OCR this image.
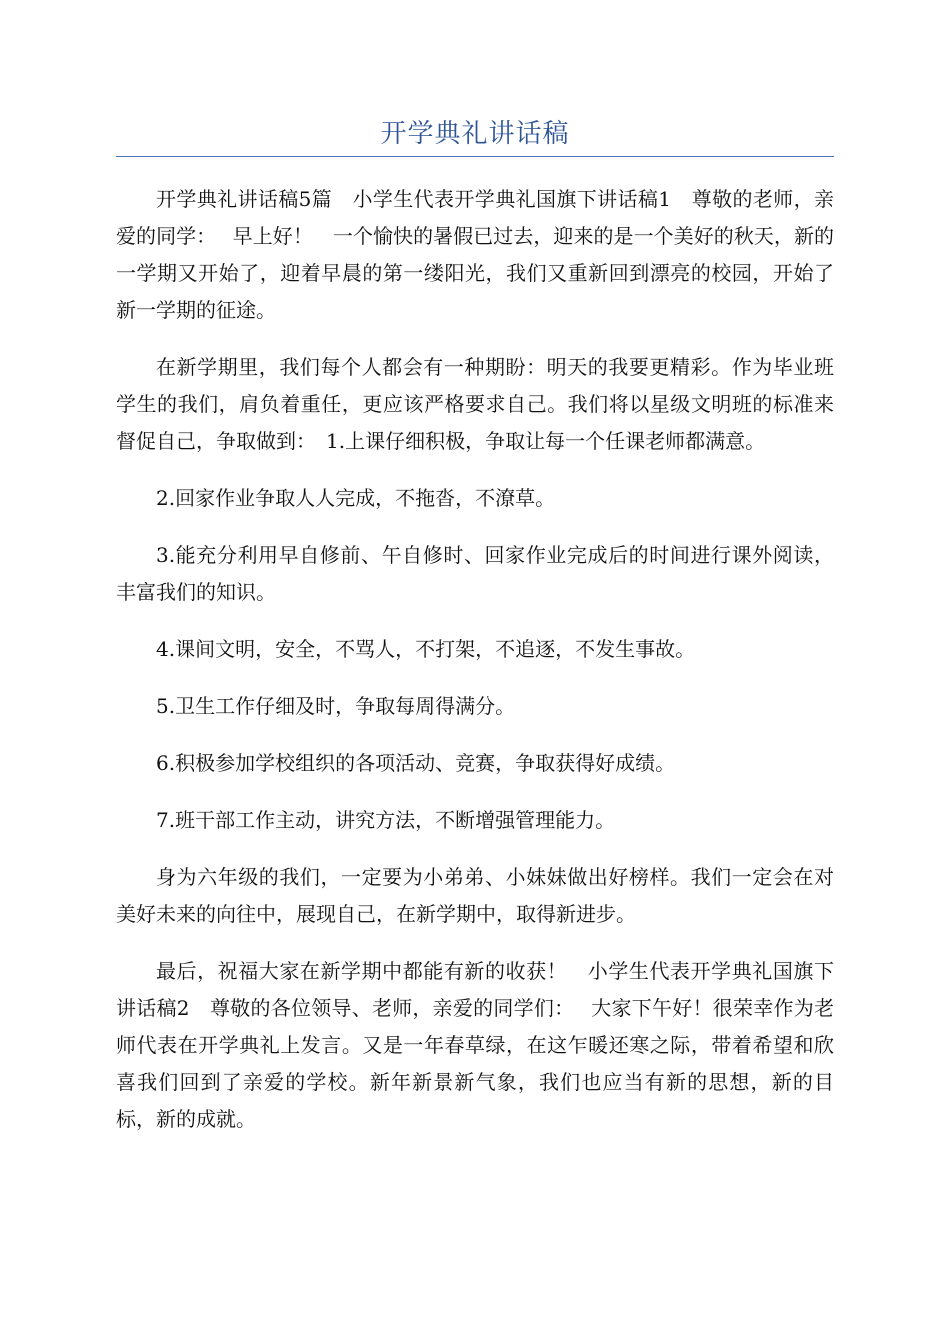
开学典礼讲话稿

开学典礼讲话稿5篇　小学生代表开学典礼国旗下讲话稿1　尊敬的老师，亲爱的同学：　 早上好！　一个愉快的暑假已过去，迎来的是一个美好的秋天，新的一学期又开始了，迎着早晨的第一缕阳光，我们又重新回到漂亮的校园，开始了新一学期的征途。

在新学期里，我们每个人都会有一种期盼：明天的我要更精彩。作为毕业班学生的我们，肩负着重任，更应该严格要求自己。我们将以星级文明班的标准来督促自己，争取做到：　1.上课仔细积极，争取让每一个任课老师都满意。

2.回家作业争取人人完成，不拖沓，不潦草。

3.能充分利用早自修前、午自修时、回家作业完成后的时间进行课外阅读，丰富我们的知识。

4.课间文明，安全，不骂人，不打架，不追逐，不发生事故。

5.卫生工作仔细及时，争取每周得满分。

6.积极参加学校组织的各项活动、竞赛，争取获得好成绩。

7.班干部工作主动，讲究方法，不断增强管理能力。

身为六年级的我们，一定要为小弟弟、小妹妹做出好榜样。我们一定会在对美好未来的向往中，展现自己，在新学期中，取得新进步。

最后，祝福大家在新学期中都能有新的收获！　小学生代表开学典礼国旗下讲话稿2　尊敬的各位领导、老师，亲爱的同学们：　 大家下午好！很荣幸作为老师代表在开学典礼上发言。又是一年春草绿，在这乍暖还寒之际，带着希望和欣喜我们回到了亲爱的学校。新年新景新气象，我们也应当有新的思想，新的目标，新的成就。
